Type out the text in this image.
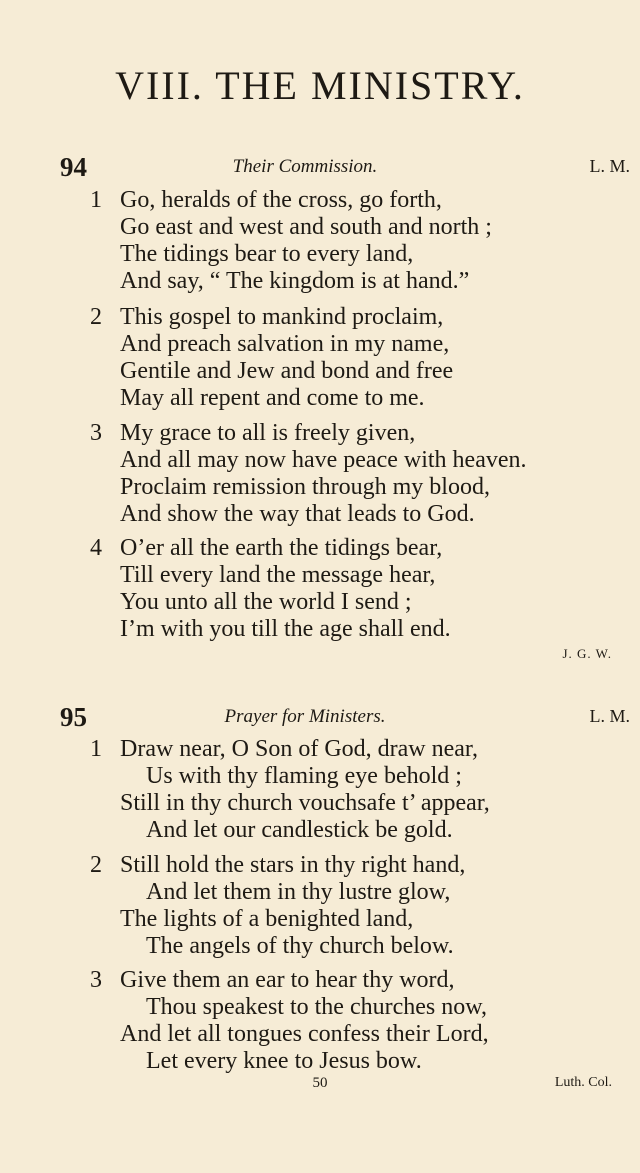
VIII. THE MINISTRY.
94	Their Commission.	L. M.
1 Go, heralds of the cross, go forth,
Go east and west and south and north ;
The tidings bear to every land,
And say, “ The kingdom is at hand.”
2 This gospel to mankind proclaim,
And preach salvation in my name,
Gentile and Jew and bond and free
May all repent and come to me.
3 My grace to all is freely given,
And all may now have peace with heaven.
Proclaim remission through my blood,
And show the way that leads to God.
4 O’er all the earth the tidings bear,
Till every land the message hear,
You unto all the world I send ;
I’m with you till the age shall end.
J. G. W.
95	Prayer for Ministers.	L. M.
1 Draw near, O Son of God, draw near,
Us with thy flaming eye behold ;
Still in thy church vouchsafe t’ appear,
And let our candlestick be gold.
2 Still hold the stars in thy right hand,
And let them in thy lustre glow,
The lights of a benighted land,
The angels of thy church below.
3 Give them an ear to hear thy word,
Thou speakest to the churches now,
And let all tongues confess their Lord,
Let every knee to Jesus bow.
50	Luth. Col.
